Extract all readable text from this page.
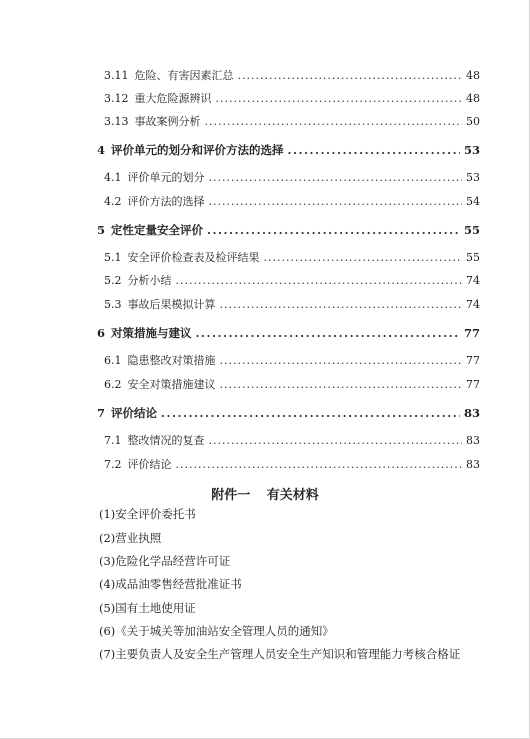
3.11 危险、有害因素汇总 .....	48
3.12 重大危险源辨识 .....	48
3.13 事故案例分析 .....	50
4 评价单元的划分和评价方法的选择 .....	53
4.1 评价单元的划分 .....	53
4.2 评价方法的选择 .....	54
5 定性定量安全评价 .....	55
5.1 安全评价检查表及检评结果 .....	55
5.2 分析小结 .....	74
5.3 事故后果模拟计算 .....	74
6 对策措施与建议 .....	77
6.1 隐患整改对策措施 .....	77
6.2 安全对策措施建议 .....	77
7 评价结论 .....	83
7.1 整改情况的复查 .....	83
7.2 评价结论 .....	83
附件一 有关材料
(1)安全评价委托书
(2)营业执照
(3)危险化学品经营许可证
(4)成品油零售经营批准证书
(5)国有土地使用证
(6)《关于城关等加油站安全管理人员的通知》
(7)主要负责人及安全生产管理人员安全生产知识和管理能力考核合格证
